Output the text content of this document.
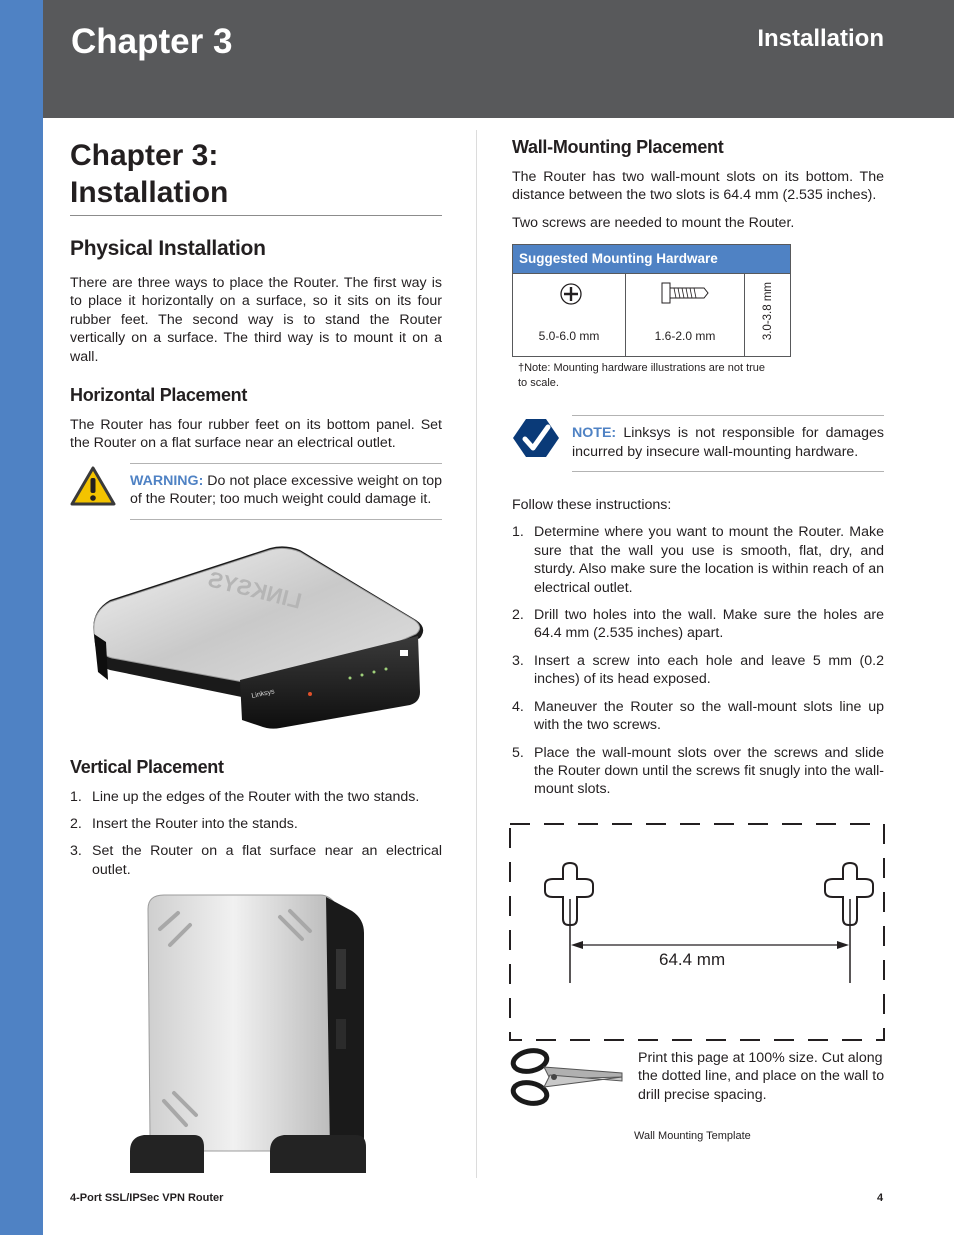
Chapter 3	Installation
Chapter 3:
Installation
Physical Installation

There are three ways to place the Router. The first way is to place it horizontally on a surface, so it sits on its four rubber feet. The second way is to stand the Router vertically on a surface. The third way is to mount it on a wall.

Horizontal Placement

The Router has four rubber feet on its bottom panel. Set the Router on a flat surface near an electrical outlet.

WARNING: Do not place excessive weight on top of the Router; too much weight could damage it.
LINKSYS
Linksys
Vertical Placement
1. Line up the edges of the Router with the two stands.
2. Insert the Router into the stands.
3. Set the Router on a flat surface near an electrical outlet.
Wall-Mounting Placement

The Router has two wall-mount slots on its bottom. The distance between the two slots is 64.4 mm (2.535 inches).

Two screws are needed to mount the Router.

Suggested Mounting Hardware
5.0-6.0 mm	1.6-2.0 mm	3.0-3.8 mm
†Note: Mounting hardware illustrations are not true to scale.
NOTE: Linksys is not responsible for damages incurred by insecure wall-mounting hardware.

Follow these instructions:

1. Determine where you want to mount the Router. Make sure that the wall you use is smooth, flat, dry, and sturdy. Also make sure the location is within reach of an electrical outlet.
2. Drill two holes into the wall. Make sure the holes are 64.4 mm (2.535 inches) apart.
3. Insert a screw into each hole and leave 5 mm (0.2 inches) of its head exposed.
4. Maneuver the Router so the wall-mount slots line up with the two screws.
5. Place the wall-mount slots over the screws and slide the Router down until the screws fit snugly into the wall-mount slots.
64.4 mm
Print this page at 100% size. Cut along the dotted line, and place on the wall to drill precise spacing.
Wall Mounting Template
4-Port SSL/IPSec VPN Router	4
